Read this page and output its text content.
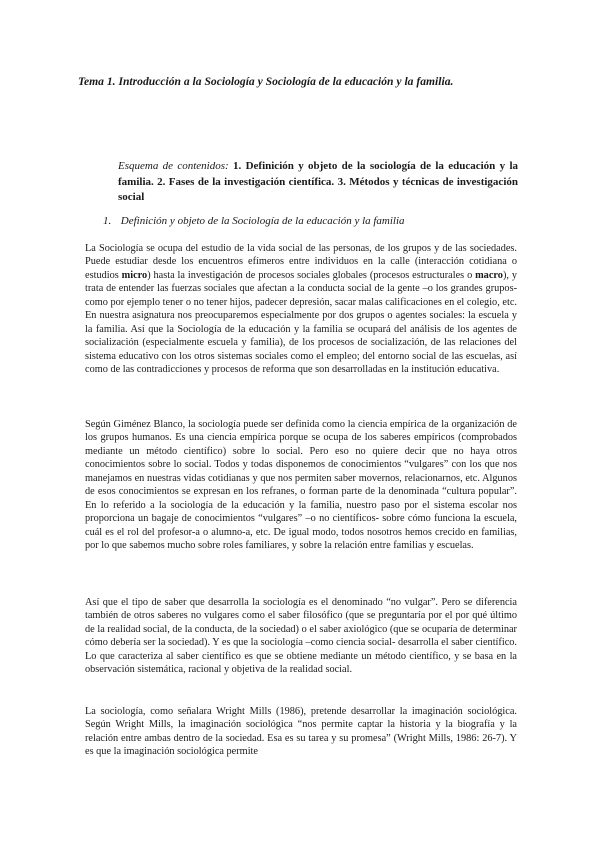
Tema 1. Introducción a la Sociología y Sociología de la educación y la familia.
Esquema de contenidos: 1. Definición y objeto de la sociología de la educación y la familia. 2. Fases de la investigación científica. 3. Métodos y técnicas de investigación social
1. Definición y objeto de la Sociología de la educación y la familia

La Sociología se ocupa del estudio de la vida social de las personas, de los grupos y de las sociedades. Puede estudiar desde los encuentros efímeros entre individuos en la calle (interacción cotidiana o estudios micro) hasta la investigación de procesos sociales globales (procesos estructurales o macro), y trata de entender las fuerzas sociales que afectan a la conducta social de la gente –o los grandes grupos- como por ejemplo tener o no tener hijos, padecer depresión, sacar malas calificaciones en el colegio, etc. En nuestra asignatura nos preocuparemos especialmente por dos grupos o agentes sociales: la escuela y la familia. Así que la Sociología de la educación y la familia se ocupará del análisis de los agentes de socialización (especialmente escuela y familia), de los procesos de socialización, de las relaciones del sistema educativo con los otros sistemas sociales como el empleo; del entorno social de las escuelas, así como de las contradicciones y procesos de reforma que son desarrolladas en la institución educativa.

Según Giménez Blanco, la sociología puede ser definida como la ciencia empírica de la organización de los grupos humanos. Es una ciencia empírica porque se ocupa de los saberes empíricos (comprobados mediante un método científico) sobre lo social. Pero eso no quiere decir que no haya otros conocimientos sobre lo social. Todos y todas disponemos de conocimientos “vulgares” con los que nos manejamos en nuestras vidas cotidianas y que nos permiten saber movernos, relacionarnos, etc. Algunos de esos conocimientos se expresan en los refranes, o forman parte de la denominada “cultura popular”. En lo referido a la sociología de la educación y la familia, nuestro paso por el sistema escolar nos proporciona un bagaje de conocimientos “vulgares” –o no científicos- sobre cómo funciona la escuela, cuál es el rol del profesor-a o alumno-a, etc. De igual modo, todos nosotros hemos crecido en familias, por lo que sabemos mucho sobre roles familiares, y sobre la relación entre familias y escuelas.

Así que el tipo de saber que desarrolla la sociología es el denominado “no vulgar”. Pero se diferencia también de otros saberes no vulgares como el saber filosófico (que se preguntaría por el por qué último de la realidad social, de la conducta, de la sociedad) o el saber axiológico (que se ocuparía de determinar cómo debería ser la sociedad). Y es que la sociología –como ciencia social- desarrolla el saber científico. Lo que caracteriza al saber científico es que se obtiene mediante un método científico, y se basa en la observación sistemática, racional y objetiva de la realidad social.

La sociología, como señalara Wright Mills (1986), pretende desarrollar la imaginación sociológica. Según Wright Mills, la imaginación sociológica “nos permite captar la historia y la biografía y la relación entre ambas dentro de la sociedad. Esa es su tarea y su promesa” (Wright Mills, 1986: 26-7). Y es que la imaginación sociológica permite
